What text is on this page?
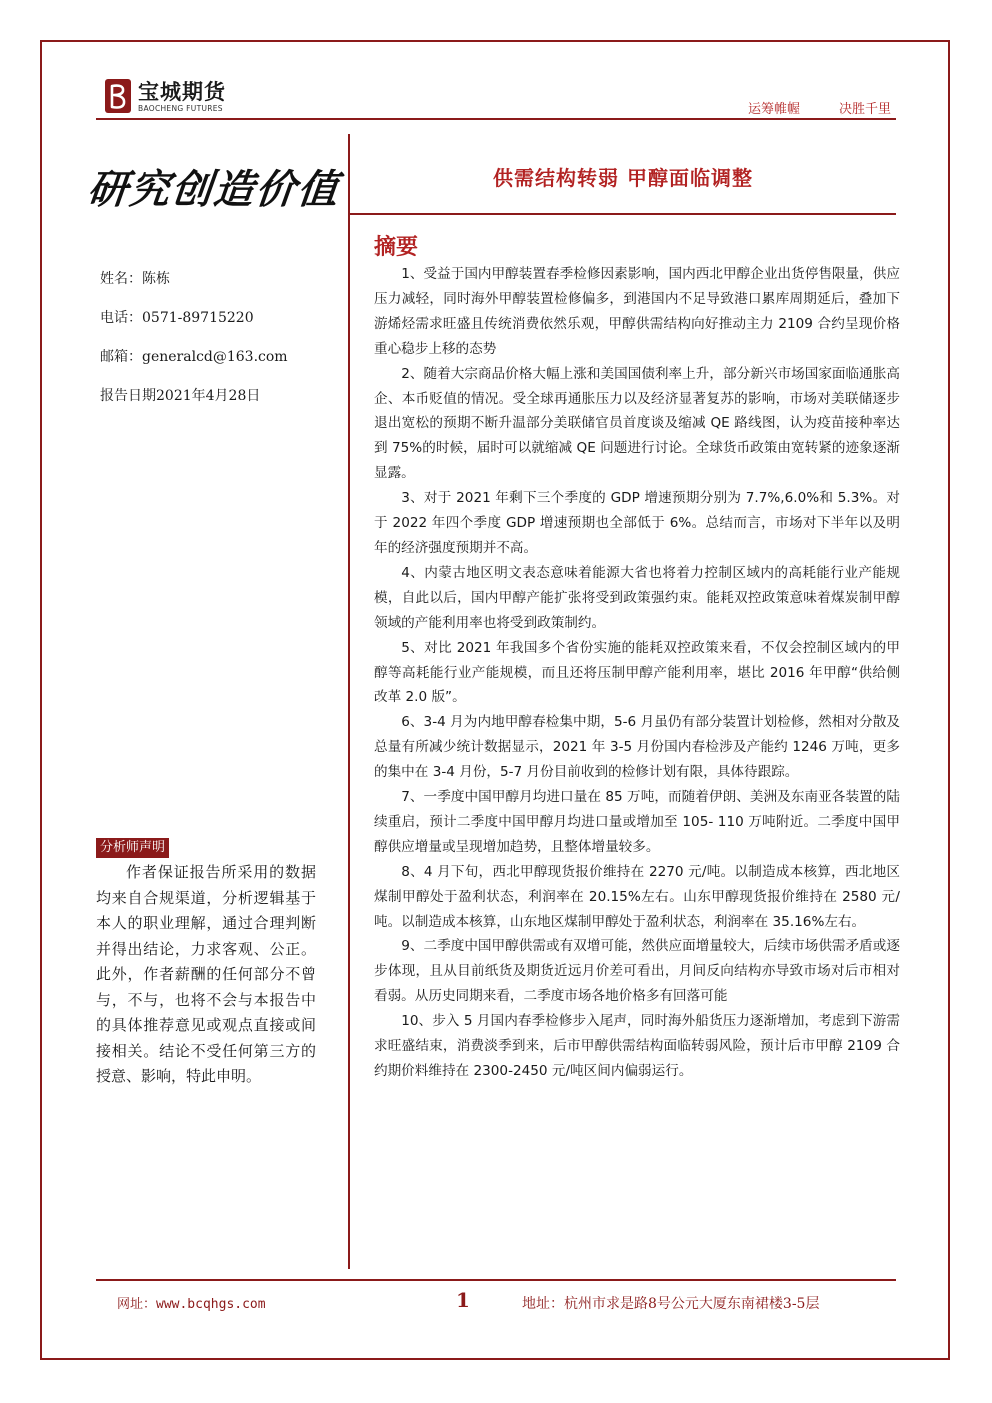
宝城期货
BAOCHENG FUTURES	运筹帷幄	决胜千里
研究创造价值	供需结构转弱 甲醇面临调整
姓名：陈栋
电话：0571-89715220
邮箱：generalcd@163.com
报告日期2021年4月28日
分析师声明
作者保证报告所采用的数据均来自合规渠道，分析逻辑基于本人的职业理解，通过合理判断并得出结论，力求客观、公正。此外，作者薪酬的任何部分不曾与，不与，也将不会与本报告中的具体推荐意见或观点直接或间接相关。结论不受任何第三方的授意、影响，特此申明。
摘要

1、受益于国内甲醇装置春季检修因素影响，国内西北甲醇企业出货停售限量，供应压力减轻，同时海外甲醇装置检修偏多，到港国内不足导致港口累库周期延后，叠加下游烯烃需求旺盛且传统消费依然乐观，甲醇供需结构向好推动主力 2109 合约呈现价格重心稳步上移的态势

2、随着大宗商品价格大幅上涨和美国国债利率上升，部分新兴市场国家面临通胀高企、本币贬值的情况。受全球再通胀压力以及经济显著复苏的影响，市场对美联储逐步退出宽松的预期不断升温部分美联储官员首度谈及缩减 QE 路线图，认为疫苗接种率达到 75%的时候，届时可以就缩减 QE 问题进行讨论。全球货币政策由宽转紧的迹象逐渐显露。

3、对于 2021 年剩下三个季度的 GDP 增速预期分别为 7.7%,6.0%和 5.3%。对于 2022 年四个季度 GDP 增速预期也全部低于 6%。总结而言，市场对下半年以及明年的经济强度预期并不高。

4、内蒙古地区明文表态意味着能源大省也将着力控制区域内的高耗能行业产能规模，自此以后，国内甲醇产能扩张将受到政策强约束。能耗双控政策意味着煤炭制甲醇领域的产能利用率也将受到政策制约。

5、对比 2021 年我国多个省份实施的能耗双控政策来看，不仅会控制区域内的甲醇等高耗能行业产能规模，而且还将压制甲醇产能利用率，堪比 2016 年甲醇“供给侧改革 2.0 版”。

6、3-4 月为内地甲醇春检集中期，5-6 月虽仍有部分装置计划检修，然相对分散及总量有所减少统计数据显示，2021 年 3-5 月份国内春检涉及产能约 1246 万吨，更多的集中在 3-4 月份，5-7 月份目前收到的检修计划有限，具体待跟踪。

7、一季度中国甲醇月均进口量在 85 万吨，而随着伊朗、美洲及东南亚各装置的陆续重启，预计二季度中国甲醇月均进口量或增加至 105- 110 万吨附近。二季度中国甲醇供应增量或呈现增加趋势，且整体增量较多。

8、4 月下旬，西北甲醇现货报价维持在 2270 元/吨。以制造成本核算，西北地区煤制甲醇处于盈利状态，利润率在 20.15%左右。山东甲醇现货报价维持在 2580 元/吨。以制造成本核算，山东地区煤制甲醇处于盈利状态，利润率在 35.16%左右。

9、二季度中国甲醇供需或有双增可能，然供应面增量较大，后续市场供需矛盾或逐步体现，且从目前纸货及期货近远月价差可看出，月间反向结构亦导致市场对后市相对看弱。从历史同期来看，二季度市场各地价格多有回落可能

10、步入 5 月国内春季检修步入尾声，同时海外船货压力逐渐增加，考虑到下游需求旺盛结束，消费淡季到来，后市甲醇供需结构面临转弱风险，预计后市甲醇 2109 合约期价料维持在 2300-2450 元/吨区间内偏弱运行。

网址：www.bcqhgs.com	1	地址：杭州市求是路8号公元大厦东南裙楼3-5层
